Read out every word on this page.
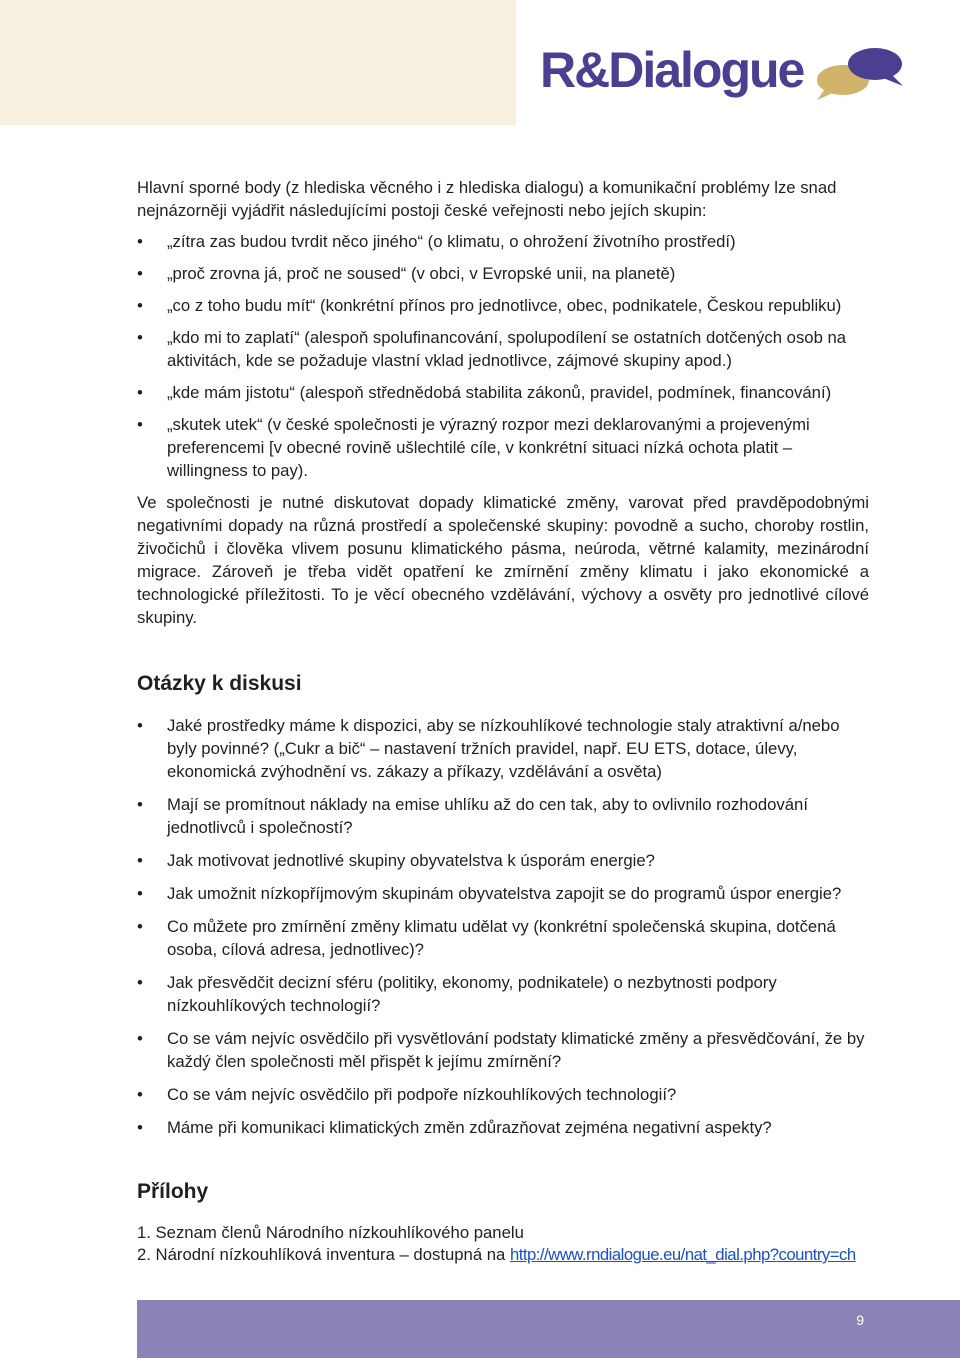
R&Dialogue

Hlavní sporné body (z hlediska věcného i z hlediska dialogu) a komunikační problémy lze snad nejnázorněji vyjádřit následujícími postoji české veřejnosti nebo jejích skupin:

• „zítra zas budou tvrdit něco jiného“ (o klimatu, o ohrožení životního prostředí)
• „proč zrovna já, proč ne soused“ (v obci, v Evropské unii, na planetě)
• „co z toho budu mít“ (konkrétní přínos pro jednotlivce, obec, podnikatele, Českou republiku)
• „kdo mi to zaplatí“ (alespoň spolufinancování, spolupodílení se ostatních dotčených osob na aktivitách, kde se požaduje vlastní vklad jednotlivce, zájmové skupiny apod.)
• „kde mám jistotu“ (alespoň střednědobá stabilita zákonů, pravidel, podmínek, financování)
• „skutek utek“ (v české společnosti je výrazný rozpor mezi deklarovanými a projevenými preferencemi [v obecné rovině ušlechtilé cíle, v konkrétní situaci nízká ochota platit – willingness to pay).

Ve společnosti je nutné diskutovat dopady klimatické změny, varovat před pravděpodobnými negativními dopady na různá prostředí a společenské skupiny: povodně a sucho, choroby rostlin, živočichů i člověka vlivem posunu klimatického pásma, neúroda, větrné kalamity, mezinárodní migrace. Zároveň je třeba vidět opatření ke zmírnění změny klimatu i jako ekonomické a technologické příležitosti. To je věcí obecného vzdělávání, výchovy a osvěty pro jednotlivé cílové skupiny.

Otázky k diskusi
• Jaké prostředky máme k dispozici, aby se nízkouhlíkové technologie staly atraktivní a/nebo byly povinné? („Cukr a bič“ – nastavení tržních pravidel, např. EU ETS, dotace, úlevy, ekonomická zvýhodnění vs. zákazy a příkazy, vzdělávání a osvěta)
• Mají se promítnout náklady na emise uhlíku až do cen tak, aby to ovlivnilo rozhodování jednotlivců i společností?
• Jak motivovat jednotlivé skupiny obyvatelstva k úsporám energie?
• Jak umožnit nízkopříjmovým skupinám obyvatelstva zapojit se do programů úspor energie?
• Co můžete pro zmírnění změny klimatu udělat vy (konkrétní společenská skupina, dotčená osoba, cílová adresa, jednotlivec)?
• Jak přesvědčit decizní sféru (politiky, ekonomy, podnikatele) o nezbytnosti podpory nízkouhlíkových technologií?
• Co se vám nejvíc osvědčilo při vysvětlování podstaty klimatické změny a přesvědčování, že by každý člen společnosti měl přispět k jejímu zmírnění?
• Co se vám nejvíc osvědčilo při podpoře nízkouhlíkových technologií?
• Máme při komunikaci klimatických změn zdůrazňovat zejména negativní aspekty?
Přílohy
1. Seznam členů Národního nízkouhlíkového panelu
2. Národní nízkouhlíková inventura – dostupná na http://www.rndialogue.eu/nat_dial.php?country=ch
9
